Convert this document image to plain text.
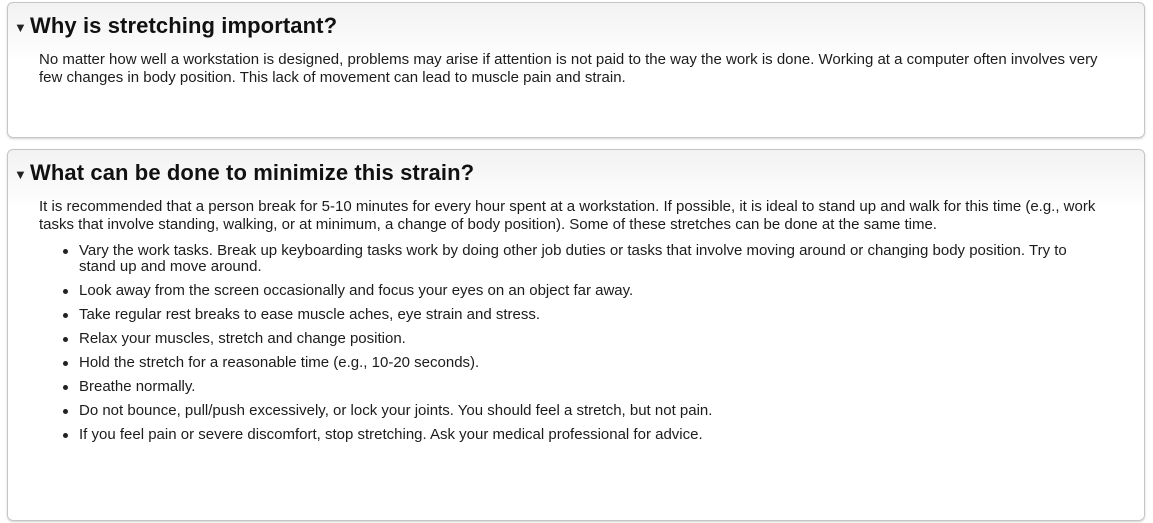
▼ Why is stretching important?

No matter how well a workstation is designed, problems may arise if attention is not paid to the way the work is done. Working at a computer often involves very few changes in body position. This lack of movement can lead to muscle pain and strain.

▼ What can be done to minimize this strain?

It is recommended that a person break for 5-10 minutes for every hour spent at a workstation. If possible, it is ideal to stand up and walk for this time (e.g., work tasks that involve standing, walking, or at minimum, a change of body position). Some of these stretches can be done at the same time.

Vary the work tasks. Break up keyboarding tasks work by doing other job duties or tasks that involve moving around or changing body position. Try to stand up and move around.
Look away from the screen occasionally and focus your eyes on an object far away.
Take regular rest breaks to ease muscle aches, eye strain and stress.
Relax your muscles, stretch and change position.
Hold the stretch for a reasonable time (e.g., 10-20 seconds).
Breathe normally.
Do not bounce, pull/push excessively, or lock your joints. You should feel a stretch, but not pain.
If you feel pain or severe discomfort, stop stretching. Ask your medical professional for advice.
